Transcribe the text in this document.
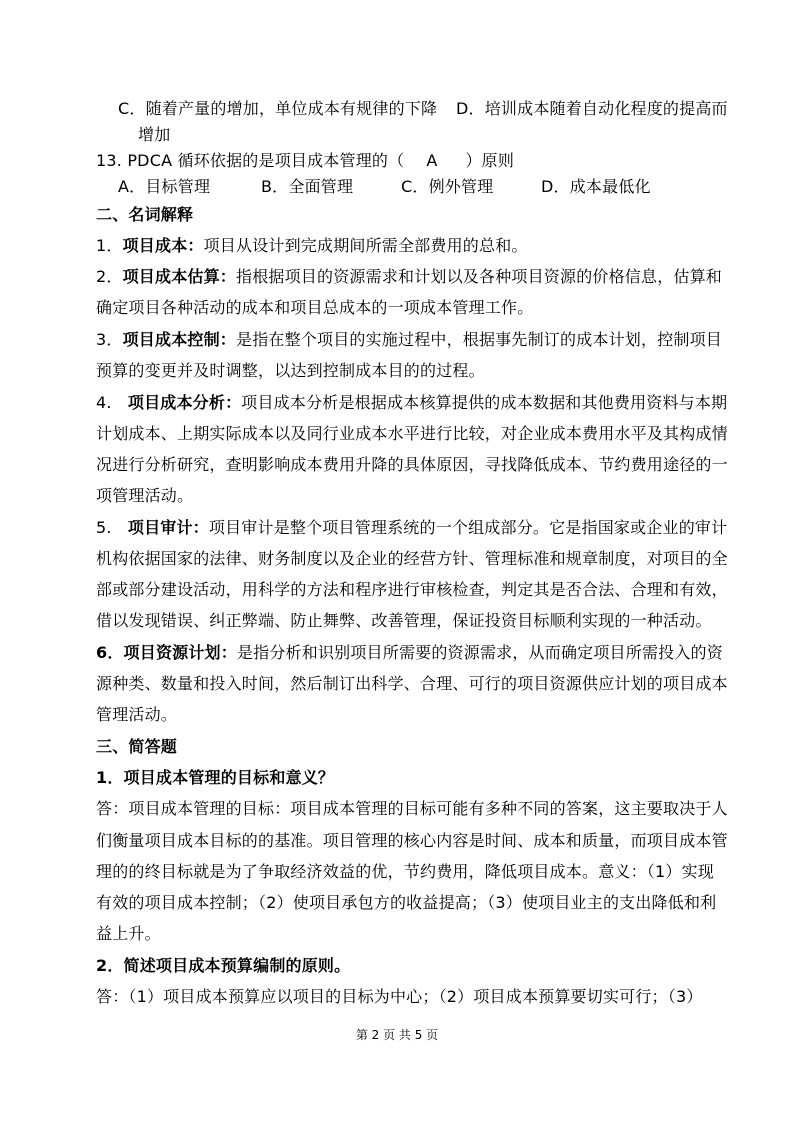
C．随着产量的增加，单位成本有规律的下降 D．培训成本随着自动化程度的提高而
增加
13. PDCA 循环依据的是项目成本管理的（ A ）原则
A．目标管理	B．全面管理	C．例外管理	D．成本最低化
二、名词解释
1．项目成本：项目从设计到完成期间所需全部费用的总和。
2．项目成本估算：指根据项目的资源需求和计划以及各种项目资源的价格信息，估算和
确定项目各种活动的成本和项目总成本的一项成本管理工作。
3．项目成本控制：是指在整个项目的实施过程中，根据事先制订的成本计划，控制项目
预算的变更并及时调整，以达到控制成本目的的过程。
4.　项目成本分析：项目成本分析是根据成本核算提供的成本数据和其他费用资料与本期
计划成本、上期实际成本以及同行业成本水平进行比较，对企业成本费用水平及其构成情
况进行分析研究，查明影响成本费用升降的具体原因，寻找降低成本、节约费用途径的一
项管理活动。
5.　项目审计：项目审计是整个项目管理系统的一个组成部分。它是指国家或企业的审计
机构依据国家的法律、财务制度以及企业的经营方针、管理标准和规章制度，对项目的全
部或部分建设活动，用科学的方法和程序进行审核检查，判定其是否合法、合理和有效，
借以发现错误、纠正弊端、防止舞弊、改善管理，保证投资目标顺利实现的一种活动。
6．项目资源计划：是指分析和识别项目所需要的资源需求，从而确定项目所需投入的资
源种类、数量和投入时间，然后制订出科学、合理、可行的项目资源供应计划的项目成本
管理活动。
三、简答题
1．项目成本管理的目标和意义？
答：项目成本管理的目标：项目成本管理的目标可能有多种不同的答案，这主要取决于人
们衡量项目成本目标的的基准。项目管理的核心内容是时间、成本和质量，而项目成本管
理的的终目标就是为了争取经济效益的优，节约费用，降低项目成本。意义：（1）实现
有效的项目成本控制；（2）使项目承包方的收益提高；（3）使项目业主的支出降低和利
益上升。
2．简述项目成本预算编制的原则。
答：（1）项目成本预算应以项目的目标为中心；（2）项目成本预算要切实可行；（3）
第 2 页 共 5 页
